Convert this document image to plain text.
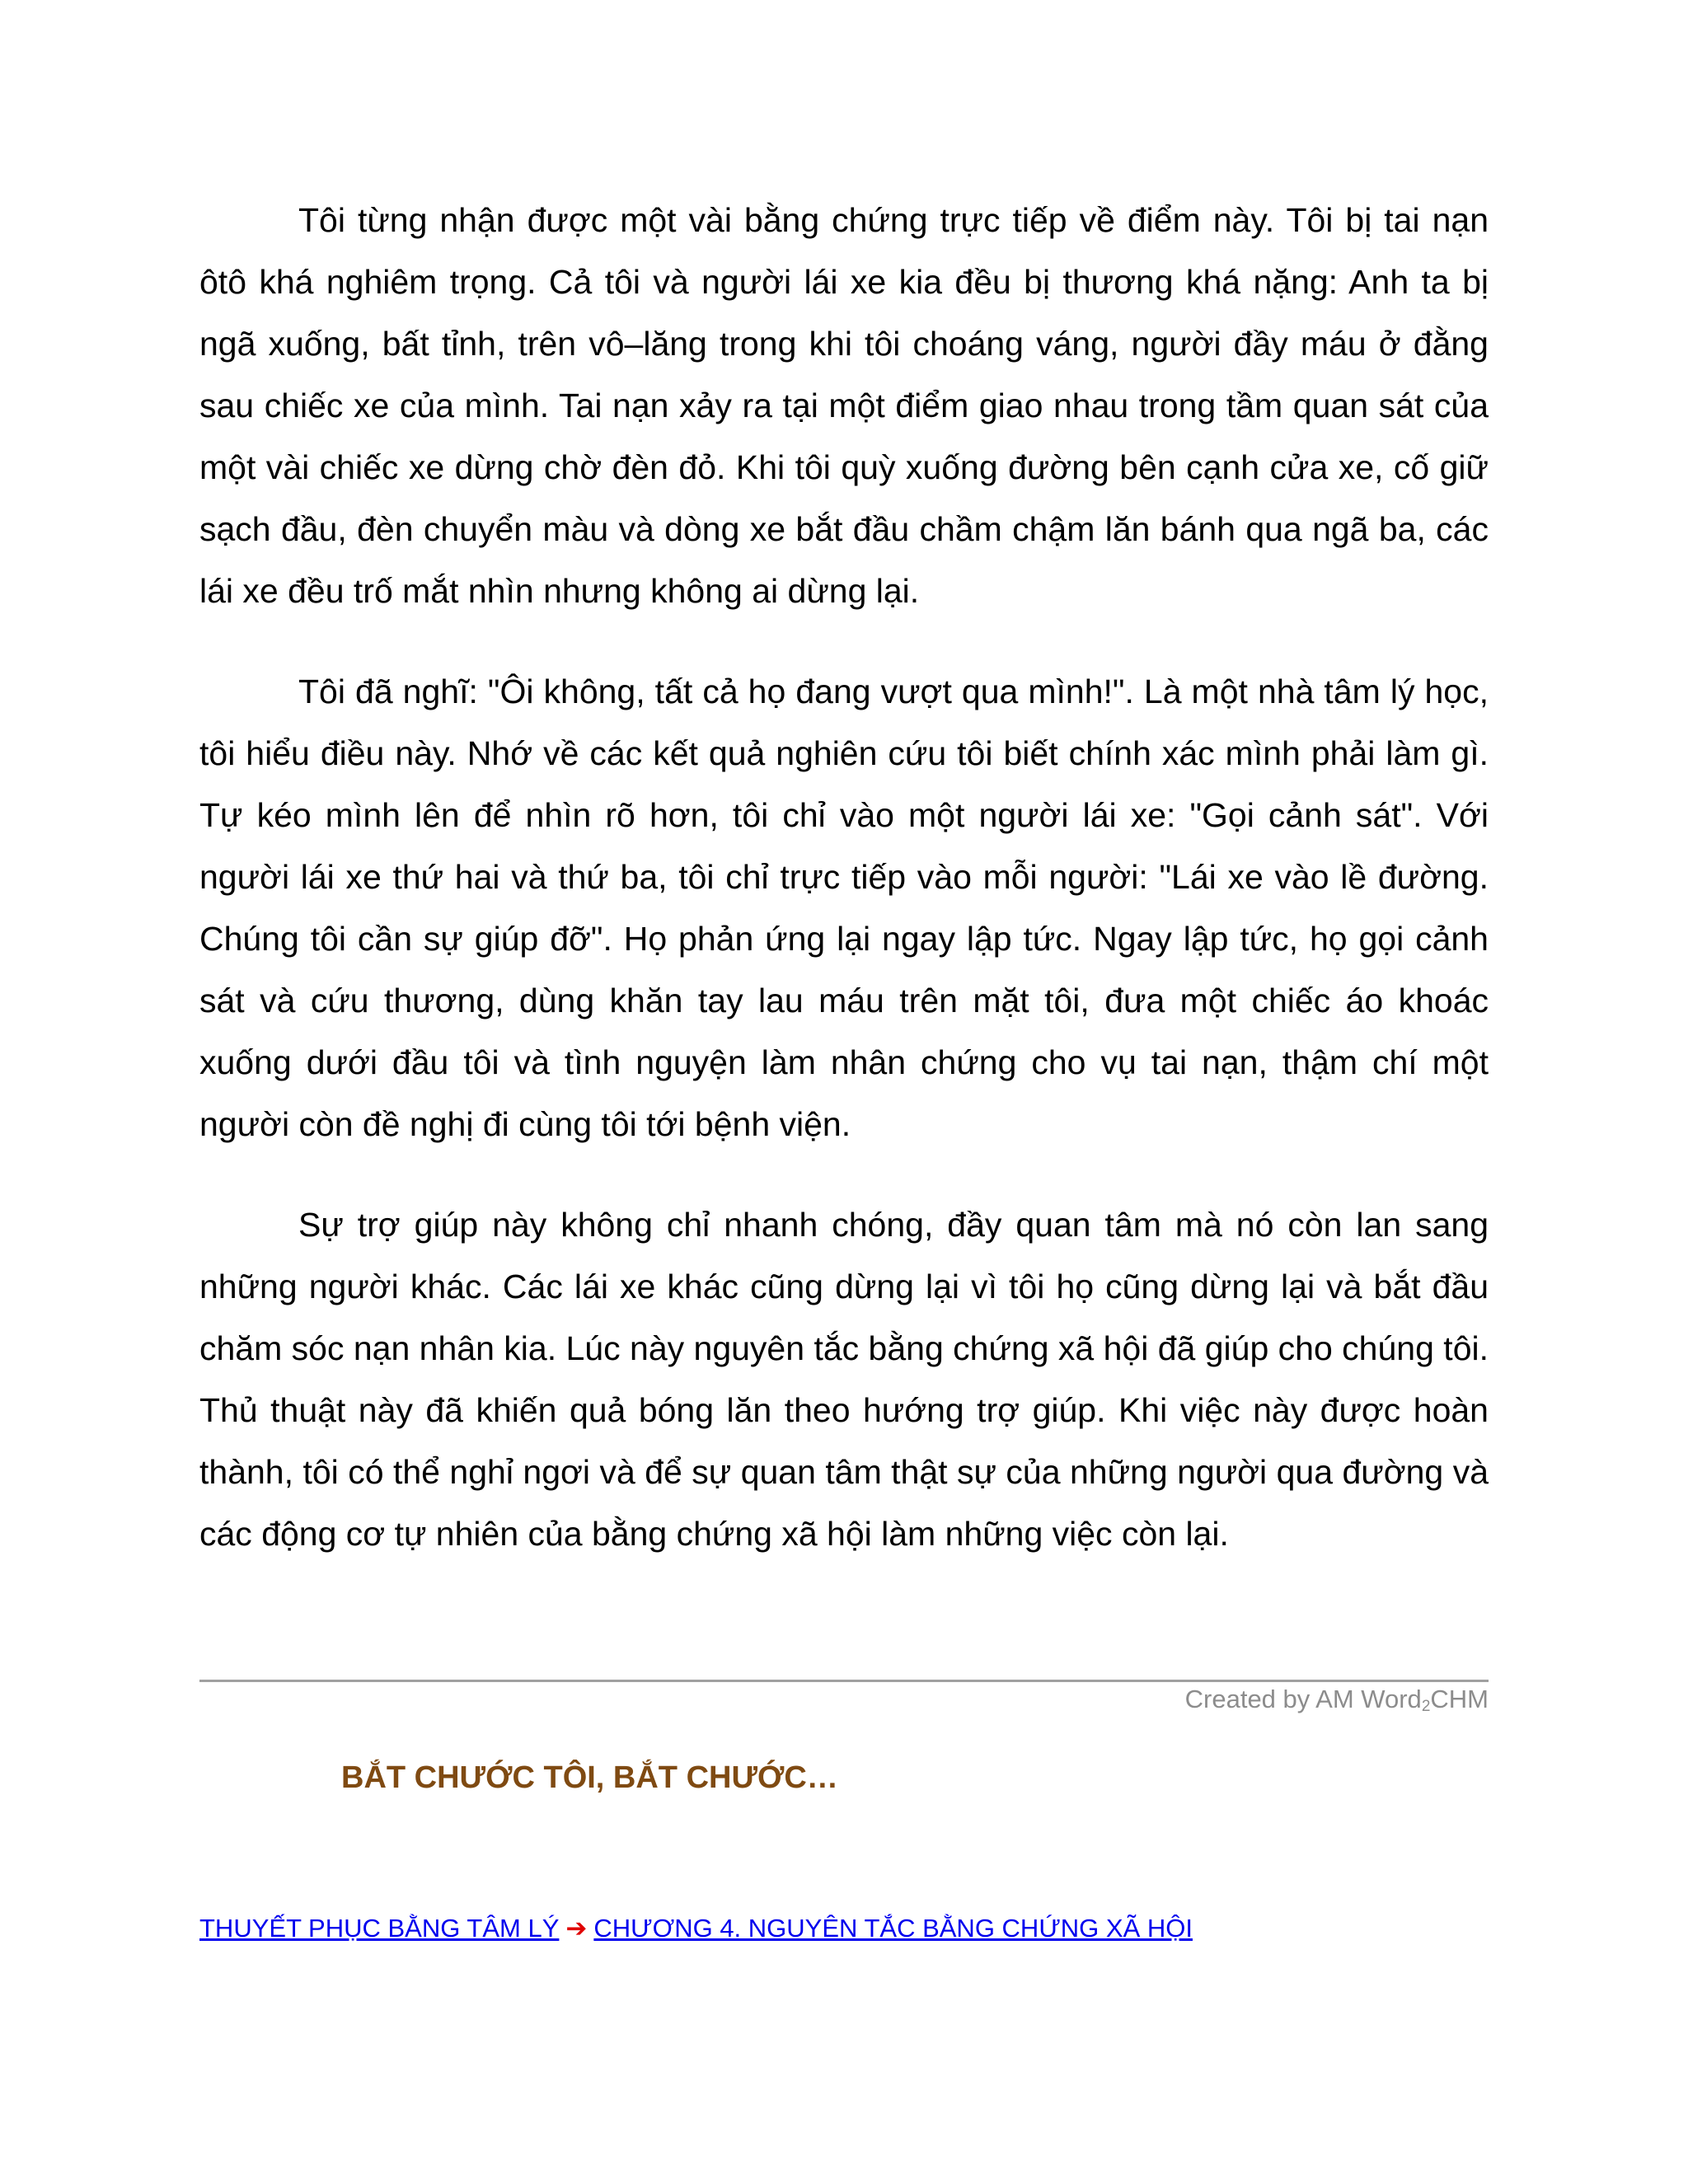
Tôi từng nhận được một vài bằng chứng trực tiếp về điểm này. Tôi bị tai nạn ôtô khá nghiêm trọng. Cả tôi và người lái xe kia đều bị thương khá nặng: Anh ta bị ngã xuống, bất tỉnh, trên vô–lăng trong khi tôi choáng váng, người đầy máu ở đằng sau chiếc xe của mình. Tai nạn xảy ra tại một điểm giao nhau trong tầm quan sát của một vài chiếc xe dừng chờ đèn đỏ. Khi tôi quỳ xuống đường bên cạnh cửa xe, cố giữ sạch đầu, đèn chuyển màu và dòng xe bắt đầu chầm chậm lăn bánh qua ngã ba, các lái xe đều trố mắt nhìn nhưng không ai dừng lại.

Tôi đã nghĩ: "Ôi không, tất cả họ đang vượt qua mình!". Là một nhà tâm lý học, tôi hiểu điều này. Nhớ về các kết quả nghiên cứu tôi biết chính xác mình phải làm gì. Tự kéo mình lên để nhìn rõ hơn, tôi chỉ vào một người lái xe: "Gọi cảnh sát". Với người lái xe thứ hai và thứ ba, tôi chỉ trực tiếp vào mỗi người: "Lái xe vào lề đường. Chúng tôi cần sự giúp đỡ". Họ phản ứng lại ngay lập tức. Ngay lập tức, họ gọi cảnh sát và cứu thương, dùng khăn tay lau máu trên mặt tôi, đưa một chiếc áo khoác xuống dưới đầu tôi và tình nguyện làm nhân chứng cho vụ tai nạn, thậm chí một người còn đề nghị đi cùng tôi tới bệnh viện.

Sự trợ giúp này không chỉ nhanh chóng, đầy quan tâm mà nó còn lan sang những người khác. Các lái xe khác cũng dừng lại vì tôi họ cũng dừng lại và bắt đầu chăm sóc nạn nhân kia. Lúc này nguyên tắc bằng chứng xã hội đã giúp cho chúng tôi. Thủ thuật này đã khiến quả bóng lăn theo hướng trợ giúp. Khi việc này được hoàn thành, tôi có thể nghỉ ngơi và để sự quan tâm thật sự của những người qua đường và các động cơ tự nhiên của bằng chứng xã hội làm những việc còn lại.

Created by AM Word$_2$CHM
BẮT CHƯỚC TÔI, BẮT CHƯỚC…
THUYẾT PHỤC BẰNG TÂM LÝ ➔ CHƯƠNG 4. NGUYÊN TẮC BẰNG CHỨNG XÃ HỘI
